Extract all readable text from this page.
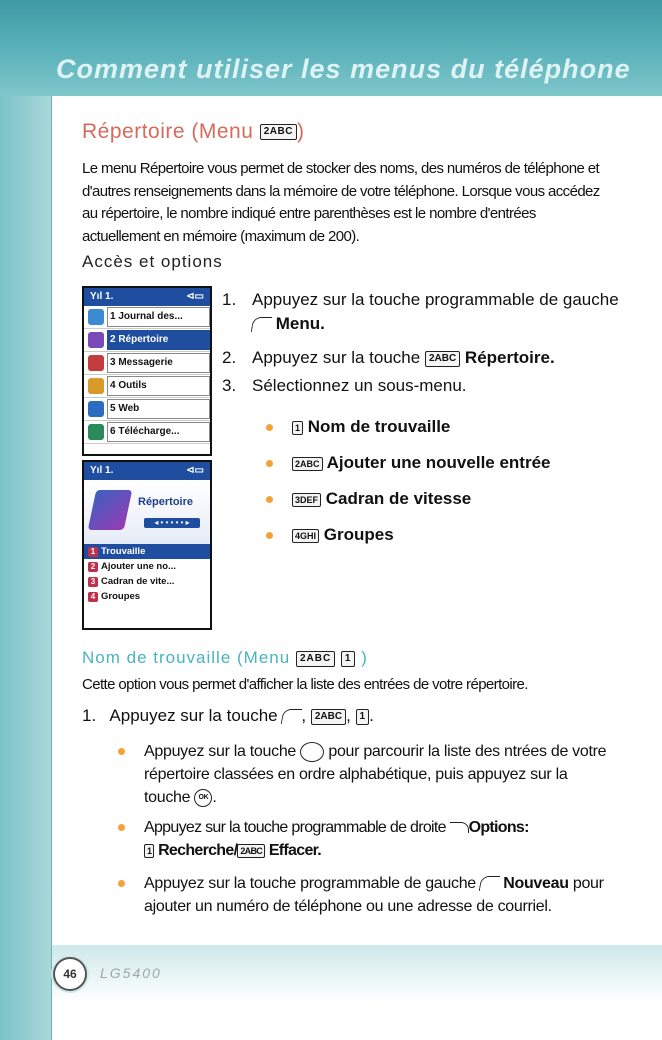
Comment utiliser les menus du téléphone
Répertoire (Menu 2ABC )
Le menu Répertoire vous permet de stocker des noms, des numéros de téléphone et d'autres renseignements dans la mémoire de votre téléphone. Lorsque vous accédez au répertoire, le nombre indiqué entre parenthèses est le nombre d'entrées actuellement en mémoire (maximum de 200).
Accès et options
Yıl 1.	⊲▭
1 Journal des...
2 Répertoire
3 Messagerie
4 Outils
5 Web
6 Télécharge...
Yıl 1.	⊲▭
Répertoire
◂ • • • • • ▸
1 Trouvaille
2 Ajouter une no...
3 Cadran de vite...
4 Groupes
1. Appuyez sur la touche programmable de gauche  Menu.
2. Appuyez sur la touche 2ABC Répertoire.
3. Sélectionnez un sous-menu.
1 Nom de trouvaille
2ABC Ajouter une nouvelle entrée
3DEF Cadran de vitesse
4GHI Groupes
Nom de trouvaille (Menu 2ABC 1 )
Cette option vous permet d'afficher la liste des entrées de votre répertoire.
1. Appuyez sur la touche , 2ABC , 1 .
Appuyez sur la touche pour parcourir la liste des ntrées de votre répertoire classées en ordre alphabétique, puis appuyez sur la touche OK .
Appuyez sur la touche programmable de droite Options:
1 Recherche/ 2ABC Effacer.
Appuyez sur la touche programmable de gauche Nouveau pour ajouter un numéro de téléphone ou une adresse de courriel.
46	LG5400
